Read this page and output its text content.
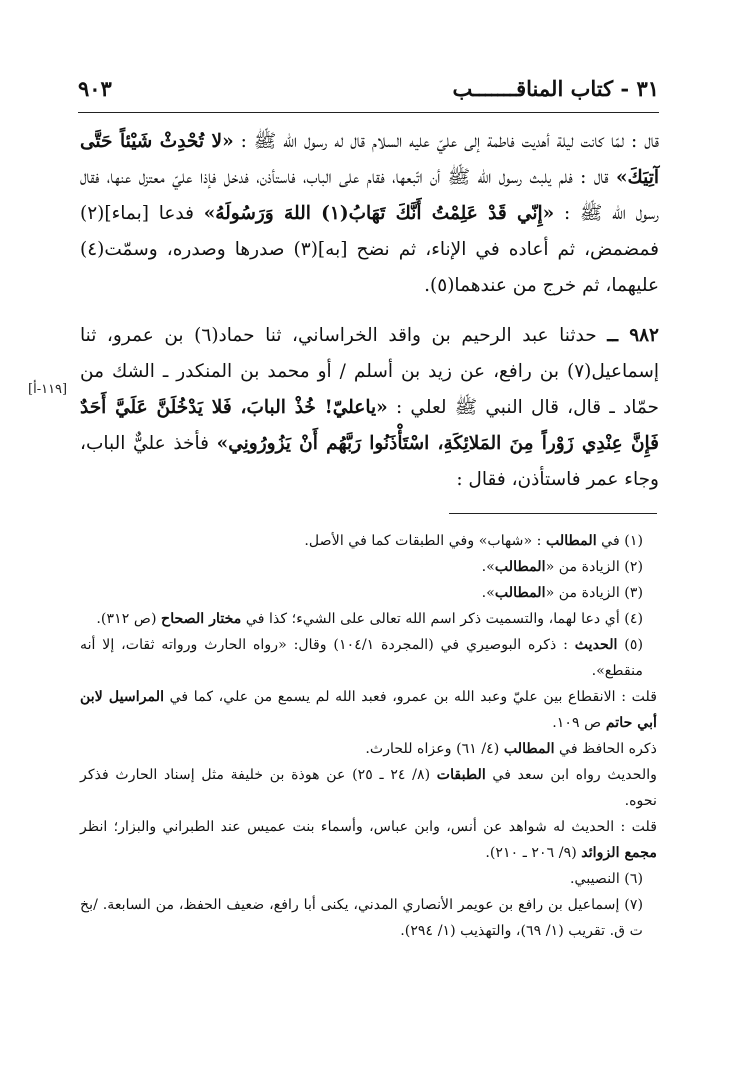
٣١ - كتاب المناقـــــــب
٩٠٣

قال : لمّا كانت ليلة أهديت فاطمة إلى عليّ عليه السلام قال له رسول الله ﷺ : «لا تُحْدِثْ شَيْئاً حَتَّى آتِيَكَ» قال : فلم يلبث رسول الله ﷺ أن اتّبعها، فقام على الباب، فاستأذن، فدخل فإذا عليّ معتزل عنها، فقال رسول الله ﷺ : «إِنّي قَدْ عَلِمْتُ أَنَّكَ تَهَابُ(١) اللهَ وَرَسُولَهُ» فدعا [بماء](٢) فمضمض، ثم أعاده في الإناء، ثم نضح [به](٣) صدرها وصدره، وسمّت(٤) عليهما، ثم خرج من عندهما(٥).

٩٨٢ ــ حدثنا عبد الرحيم بن واقد الخراساني، ثنا حماد(٦) بن عمرو، ثنا إسماعيل(٧) بن رافع، عن زيد بن أسلم / أو محمد بن المنكدر ـ الشك من حمّاد ـ قال، قال النبي ﷺ لعلي : «ياعليّ! خُذْ البابَ، فَلا يَدْخُلَنَّ عَلَيَّ أَحَدٌ فَإِنَّ عِنْدِي زَوْراً مِنَ المَلائِكَةِ، اسْتَأْذَنُوا رَبَّهُم أَنْ يَزُورُونِي» فأخذ عليٌّ الباب، وجاء عمر فاستأذن، فقال :

[١١٩-أ]

(١) في المطالب : «شهاب» وفي الطبقات كما في الأصل.

(٢) الزيادة من «المطالب».

(٣) الزيادة من «المطالب».

(٤) أي دعا لهما، والتسميت ذكر اسم الله تعالى على الشيء؛ كذا في مختار الصحاح (ص ٣١٢).

(٥) الحديث : ذكره البوصيري في (المجردة ١٠٤/١) وقال: «رواه الحارث ورواته ثقات، إلا أنه منقطع».

قلت : الانقطاع بين عليّ وعبد الله بن عمرو، فعبد الله لم يسمع من علي، كما في المراسيل لابن أبي حاتم ص ١٠٩.

ذكره الحافظ في المطالب (٤/ ٦١) وعزاه للحارث.

والحديث رواه ابن سعد في الطبقات (٨/ ٢٤ ـ ٢٥) عن هوذة بن خليفة مثل إسناد الحارث فذكر نحوه.

قلت : الحديث له شواهد عن أنس، وابن عباس، وأسماء بنت عميس عند الطبراني والبزار؛ انظر مجمع الزوائد (٩/ ٢٠٦ ـ ٢١٠).

(٦) النصيبي.

(٧) إسماعيل بن رافع بن عويمر الأنصاري المدني، يكنى أبا رافع، ضعيف الحفظ، من السابعة. /بخ ت ق. تقريب (١/ ٦٩)، والتهذيب (١/ ٢٩٤).
